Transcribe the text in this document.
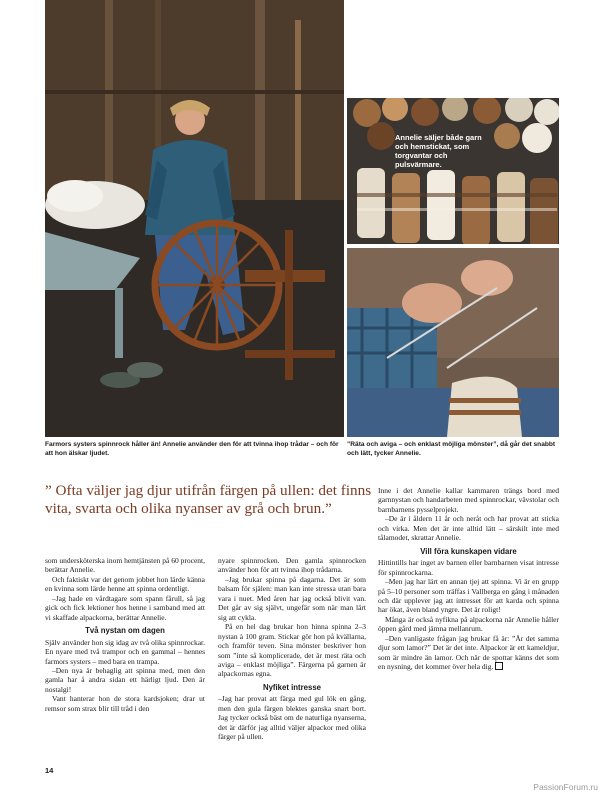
Annelie säljer både garn och hemstickat, som torgvantar och pulsvärmare.
Farmors systers spinnrock håller än! Annelie använder den för att tvinna ihop trådar – och för att hon älskar ljudet.
”Räta och aviga – och enklast möjliga mönster”, då går det snabbt och lätt, tycker Annelie.
” Ofta väljer jag djur utifrån färgen på ullen: det finns vita, svarta och olika nyanser av grå och brun.”

som undersköterska inom hemtjänsten på 60 procent, berättar Annelie.

Och faktiskt var det genom jobbet hon lärde känna en kvinna som lärde henne att spinna ordentligt.

–Jag hade en vårdtagare som spann fårull, så jag gick och fick lektioner hos henne i samband med att vi skaffade alpackorna, berättar Annelie.

Två nystan om dagen

Själv använder hon sig idag av två olika spinnrockar. En nyare med två trampor och en gammal – hennes farmors systers – med bara en trampa.

–Den nya är behaglig att spinna med, men den gamla har å andra sidan ett härligt ljud. Den är nostalgi!

Vant hanterar hon de stora kardsjoken; drar ut remsor som strax blir till tråd i den

nyare spinnrocken. Den gamla spinnrocken använder hon för att tvinna ihop trådarna.

–Jag brukar spinna på dagarna. Det är som balsam för själen: man kan inte stressa utan bara vara i nuet. Med åren har jag också blivit van. Det går av sig självt, ungefär som när man lärt sig att cykla.

På en hel dag brukar hon hinna spinna 2–3 nystan à 100 gram. Stickar gör hon på kvällarna, och framför teven. Sina mönster beskriver hon som ”inte så komplicerade, det är mest räta och aviga – enklast möjliga”. Färgerna på garnen är alpackornas egna.

Nyfiket intresse

–Jag har provat att färga med gul lök en gång, men den gula färgen blektes ganska snart bort. Jag tycker också bäst om de naturliga nyanserna, det är därför jag alltid väljer alpackor med olika färger på ullen.

Inne i det Annelie kallar kammaren trängs bord med garnnystan och handarbeten med spinnrockar, vävstolar och barnbarnens pysselprojekt.

–De är i åldern 11 år och neråt och har provat att sticka och virka. Men det är inte alltid lätt – särskilt inte med tålamodet, skrattar Annelie.

Vill föra kunskapen vidare

Hittintills har inget av barnen eller barnbarnen visat intresse för spinnrockarna.

–Men jag har lärt en annan tjej att spinna. Vi är en grupp på 5–10 personer som träffas i Vallberga en gång i månaden och där upplever jag att intresset för att karda och spinna har ökat, även bland yngre. Det är roligt!

Många är också nyfikna på alpackorna när Annelie håller öppen gård med jämna mellanrum.

–Den vanligaste frågan jag brukar få är: ”Är det samma djur som lamor?” Det är det inte. Alpackor är ett kameldjur, som är mindre än lamor. Och när de spottar känns det som en nysning, det kommer över hela dig.

14
PassionForum.ru
